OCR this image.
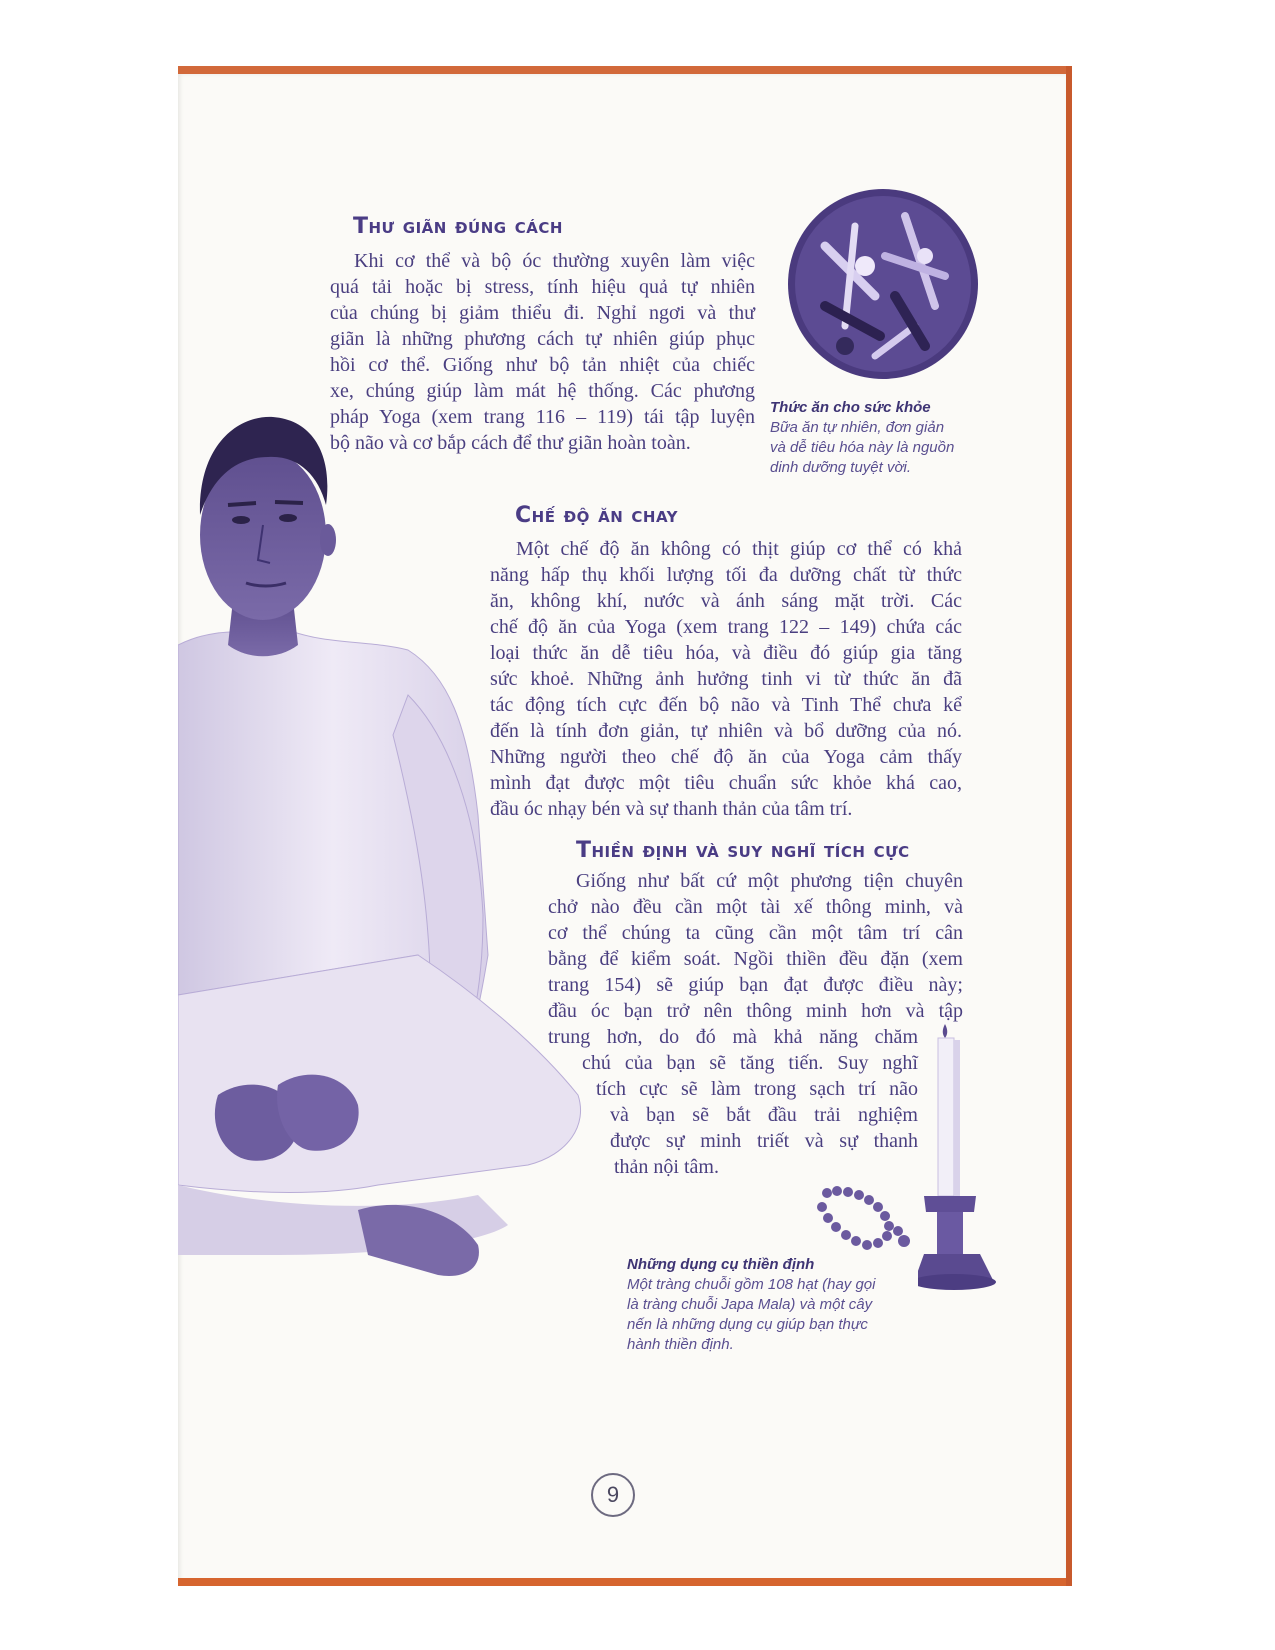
Thư giãn đúng cách
Khi cơ thể và bộ óc thường xuyên làm việc
quá tải hoặc bị stress, tính hiệu quả tự nhiên
của chúng bị giảm thiểu đi. Nghỉ ngơi và thư
giãn là những phương cách tự nhiên giúp phục
hồi cơ thể. Giống như bộ tản nhiệt của chiếc
xe, chúng giúp làm mát hệ thống. Các phương
pháp Yoga (xem trang 116 – 119) tái tập luyện
bộ não và cơ bắp cách để thư giãn hoàn toàn.
Thức ăn cho sức khỏe
Bữa ăn tự nhiên, đơn giản
và dễ tiêu hóa này là nguồn
dinh dưỡng tuyệt vời.
Chế độ ăn chay
Một chế độ ăn không có thịt giúp cơ thể có khả
năng hấp thụ khối lượng tối đa dưỡng chất từ thức
ăn, không khí, nước và ánh sáng mặt trời. Các
chế độ ăn của Yoga (xem trang 122 – 149) chứa các
loại thức ăn dễ tiêu hóa, và điều đó giúp gia tăng
sức khoẻ. Những ảnh hưởng tinh vi từ thức ăn đã
tác động tích cực đến bộ não và Tinh Thể chưa kể
đến là tính đơn giản, tự nhiên và bổ dưỡng của nó.
Những người theo chế độ ăn của Yoga cảm thấy
mình đạt được một tiêu chuẩn sức khỏe khá cao,
đầu óc nhạy bén và sự thanh thản của tâm trí.
Thiền định và suy nghĩ tích cực
Giống như bất cứ một phương tiện chuyên
chở nào đều cần một tài xế thông minh, và
cơ thể chúng ta cũng cần một tâm trí cân
bằng để kiểm soát. Ngồi thiền đều đặn (xem
trang 154) sẽ giúp bạn đạt được điều này;
đầu óc bạn trở nên thông minh hơn và tập
trung hơn, do đó mà khả năng chăm
chú của bạn sẽ tăng tiến. Suy nghĩ
tích cực sẽ làm trong sạch trí não
và bạn sẽ bắt đầu trải nghiệm
được sự minh triết và sự thanh
thản nội tâm.
Những dụng cụ thiền định
Một tràng chuỗi gồm 108 hạt (hay gọi
là tràng chuỗi Japa Mala) và một cây
nến là những dụng cụ giúp bạn thực
hành thiền định.
9
